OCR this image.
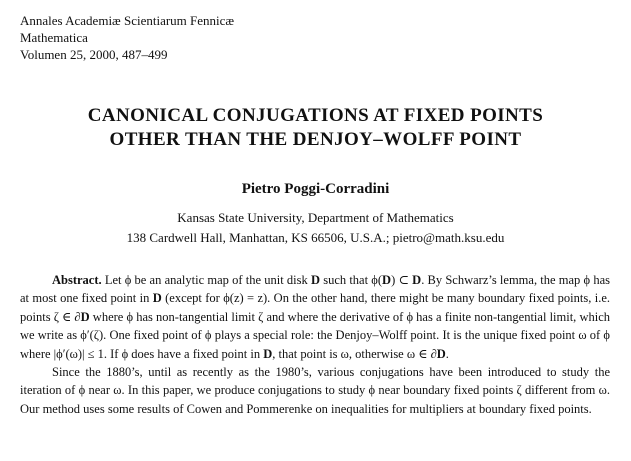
Annales Academiæ Scientiarum Fennicæ
Mathematica
Volumen 25, 2000, 487–499
CANONICAL CONJUGATIONS AT FIXED POINTS
OTHER THAN THE DENJOY–WOLFF POINT
Pietro Poggi-Corradini
Kansas State University, Department of Mathematics
138 Cardwell Hall, Manhattan, KS 66506, U.S.A.; pietro@math.ksu.edu

Abstract. Let ϕ be an analytic map of the unit disk D such that ϕ(D) ⊂ D. By Schwarz’s lemma, the map ϕ has at most one fixed point in D (except for ϕ(z) = z). On the other hand, there might be many boundary fixed points, i.e. points ζ ∈ ∂D where ϕ has non-tangential limit ζ and where the derivative of ϕ has a finite non-tangential limit, which we write as ϕ′(ζ). One fixed point of ϕ plays a special role: the Denjoy–Wolff point. It is the unique fixed point ω of ϕ where |ϕ′(ω)| ≤ 1. If ϕ does have a fixed point in D, that point is ω, otherwise ω ∈ ∂D.

Since the 1880’s, until as recently as the 1980’s, various conjugations have been introduced to study the iteration of ϕ near ω. In this paper, we produce conjugations to study ϕ near boundary fixed points ζ different from ω. Our method uses some results of Cowen and Pommerenke on inequalities for multipliers at boundary fixed points.
